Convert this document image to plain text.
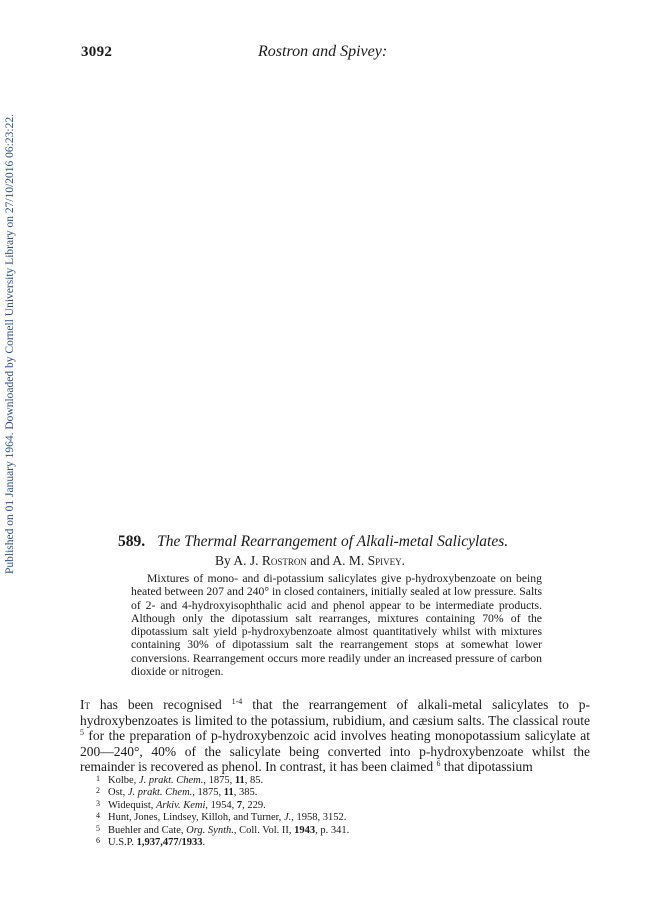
3092	Rostron and Spivey:
Published on 01 January 1964. Downloaded by Cornell University Library on 27/10/2016 06:23:22.	589. The Thermal Rearrangement of Alkali-metal Salicylates.
By A. J. Rostron and A. M. Spivey.

Mixtures of mono- and di-potassium salicylates give p-hydroxybenzoate on being heated between 207 and 240° in closed containers, initially sealed at low pressure. Salts of 2- and 4-hydroxyisophthalic acid and phenol appear to be intermediate products. Although only the dipotassium salt rearranges, mixtures containing 70% of the dipotassium salt yield p-hydroxybenzoate almost quantitatively whilst with mixtures containing 30% of dipotassium salt the rearrangement stops at somewhat lower conversions. Rearrangement occurs more readily under an increased pressure of carbon dioxide or nitrogen.

It has been recognised $^{1-4}$ that the rearrangement of alkali-metal salicylates to p-hydroxybenzoates is limited to the potassium, rubidium, and cæsium salts. The classical route $^5$ for the preparation of p-hydroxybenzoic acid involves heating monopotassium salicylate at 200—240°, 40% of the salicylate being converted into p-hydroxybenzoate whilst the remainder is recovered as phenol. In contrast, it has been claimed $^6$ that dipotassium

1 Kolbe, J. prakt. Chem., 1875, 11, 85.
2 Ost, J. prakt. Chem., 1875, 11, 385.
3 Widequist, Arkiv. Kemi, 1954, 7, 229.
4 Hunt, Jones, Lindsey, Killoh, and Turner, J., 1958, 3152.
5 Buehler and Cate, Org. Synth., Coll. Vol. II, 1943, p. 341.
6 U.S.P. 1,937,477/1933.
